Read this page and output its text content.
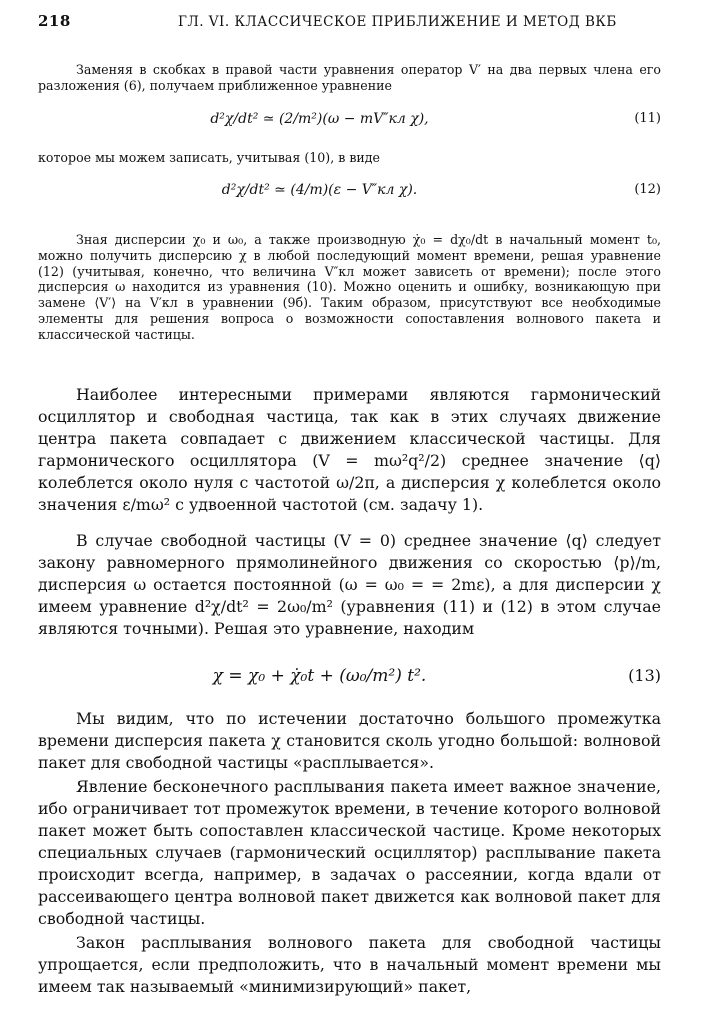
218	ГЛ. VI. КЛАССИЧЕСКОЕ ПРИБЛИЖЕНИЕ И МЕТОД ВКБ

Заменяя в скобках в правой части уравнения оператор V′ на два первых члена его разложения (6), получаем приближенное уравнение

d²χ/dt² ≃ (2/m²)(ω − mV″кл χ),	(11)

которое мы можем записать, учитывая (10), в виде

d²χ/dt² ≃ (4/m)(ε − V″кл χ).	(12)

Зная дисперсии χ₀ и ω₀, а также производную χ̇₀ = dχ₀/dt в начальный момент t₀, можно получить дисперсию χ в любой последующий момент времени, решая уравнение (12) (учитывая, конечно, что величина V″кл может зависеть от времени); после этого дисперсия ω находится из уравнения (10). Можно оценить и ошибку, возникающую при замене ⟨V′⟩ на V′кл в уравнении (9б). Таким образом, присутствуют все необходимые элементы для решения вопроса о возможности сопоставления волнового пакета и классической частицы.

Наиболее интересными примерами являются гармонический осциллятор и свободная частица, так как в этих случаях движение центра пакета совпадает с движением классической частицы. Для гармонического осциллятора (V = mω²q²/2) среднее значение ⟨q⟩ колеблется около нуля с частотой ω/2π, а дисперсия χ колеблется около значения ε/mω² с удвоенной частотой (см. задачу 1).

В случае свободной частицы (V = 0) среднее значение ⟨q⟩ следует закону равномерного прямолинейного движения со скоростью ⟨p⟩/m, дисперсия ω остается постоянной (ω = ω₀ = = 2mε), а для дисперсии χ имеем уравнение d²χ/dt² = 2ω₀/m² (уравнения (11) и (12) в этом случае являются точными). Решая это уравнение, находим

χ = χ₀ + χ̇₀t + (ω₀/m²) t².	(13)

Мы видим, что по истечении достаточно большого промежутка времени дисперсия пакета χ становится сколь угодно большой: волновой пакет для свободной частицы «расплывается».

Явление бесконечного расплывания пакета имеет важное значение, ибо ограничивает тот промежуток времени, в течение которого волновой пакет может быть сопоставлен классической частице. Кроме некоторых специальных случаев (гармонический осциллятор) расплывание пакета происходит всегда, например, в задачах о рассеянии, когда вдали от рассеивающего центра волновой пакет движется как волновой пакет для свободной частицы.

Закон расплывания волнового пакета для свободной частицы упрощается, если предположить, что в начальный момент времени мы имеем так называемый «минимизирующий» пакет,
